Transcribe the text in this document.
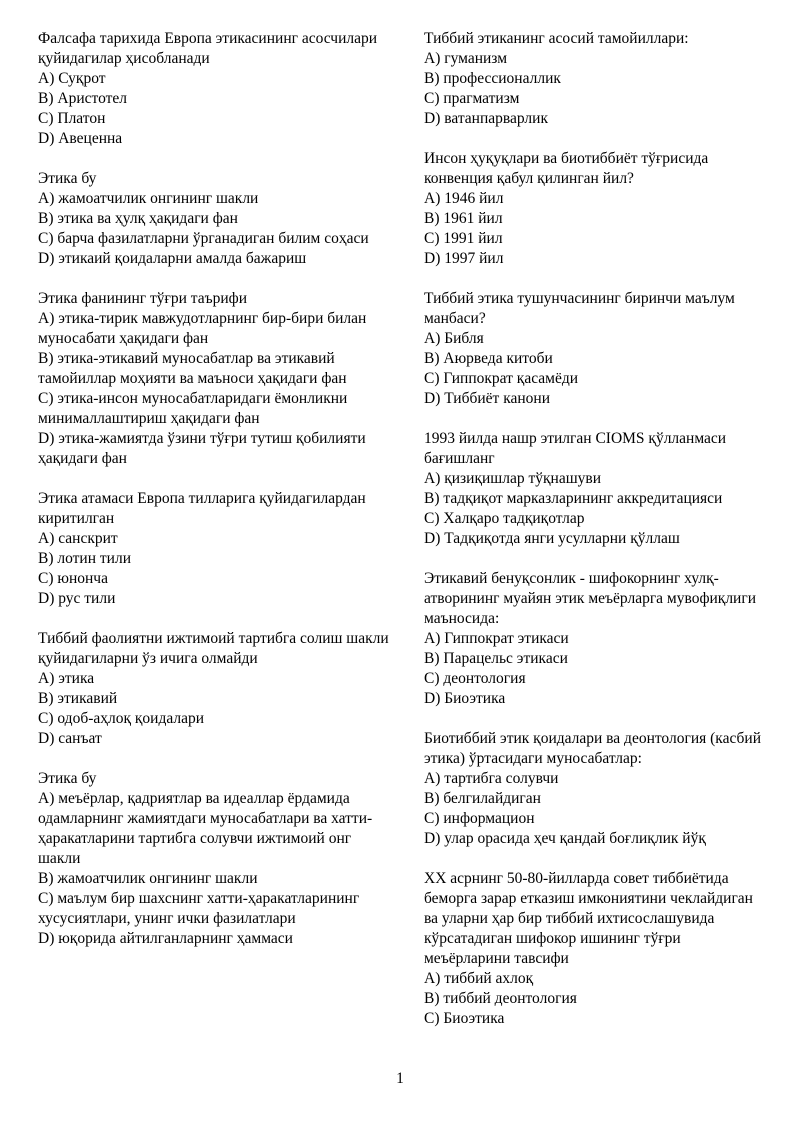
Фалсафа тарихида Европа этикасининг асосчилари қуйидагилар ҳисобланади
A) Суқрот
B) Аристотел
C) Платон
D) Авеценна
Этика бу
A) жамоатчилик онгининг шакли
B) этика ва ҳулқ ҳақидаги фан
C) барча фазилатларни ўрганадиган билим соҳаси
D) этикаий қоидаларни амалда бажариш
Этика фанининг тўғри таърифи
A) этика-тирик мавжудотларнинг бир-бири билан муносабати ҳақидаги фан
B) этика-этикавий муносабатлар ва этикавий тамойиллар моҳияти ва маъноси ҳақидаги фан
C) этика-инсон муносабатларидаги ёмонликни минималлаштириш ҳақидаги фан
D) этика-жамиятда ўзини тўғри тутиш қобилияти ҳақидаги фан
Этика атамаси Европа тилларига қуйидагилардан киритилган
A) санскрит
B) лотин тили
C) юнонча
D) рус тили
Тиббий фаолиятни ижтимоий тартибга солиш шакли қуйидагиларни ўз ичига олмайди
A) этика
B) этикавий
C) одоб-аҳлоқ қоидалари
D) санъат
Этика бу
A) меъёрлар, қадриятлар ва идеаллар ёрдамида одамларнинг жамиятдаги муносабатлари ва хатти-ҳаракатларини тартибга солувчи ижтимоий онг шакли
B) жамоатчилик онгининг шакли
C) маълум бир шахснинг хатти-ҳаракатларининг хусусиятлари, унинг ички фазилатлари
D) юқорида айтилганларнинг ҳаммаси
Тиббий этиканинг асосий тамойиллари:
A) гуманизм
B) профессионаллик
C) прагматизм
D) ватанпарварлик
Инсон ҳуқуқлари ва биотиббиёт тўғрисида конвенция қабул қилинган йил?
A) 1946 йил
B) 1961 йил
C) 1991 йил
D) 1997 йил
Тиббий этика тушунчасининг биринчи маълум манбаси?
A) Библя
B) Аюрведа китоби
C) Гиппократ қасамёди
D) Тиббиёт канони
1993 йилда нашр этилган CIOMS қўлланмаси бағишланг
A) қизиқишлар тўқнашуви
B) тадқиқот марказларининг аккредитацияси
C) Халқаро тадқиқотлар
D) Тадқиқотда янги усулларни қўллаш
Этикавий бенуқсонлик - шифокорнинг хулқ-атворининг муайян этик меъёрларга мувофиқлиги маъносида:
A) Гиппократ этикаси
B) Парацельс этикаси
C) деонтология
D) Биоэтика
Биотиббий этик қоидалари ва деонтология (касбий этика) ўртасидаги муносабатлар:
A) тартибга солувчи
B) белгилайдиган
C) информацион
D) улар орасида ҳеч қандай боғлиқлик йўқ
XX асрнинг 50-80-йилларда совет тиббиётида беморга зарар етказиш имкониятини чеклайдиган ва уларни ҳар бир тиббий ихтисослашувида кўрсатадиган шифокор ишининг тўғри меъёрларини тавсифи
A) тиббий ахлоқ
B) тиббий деонтология
C) Биоэтика
1
